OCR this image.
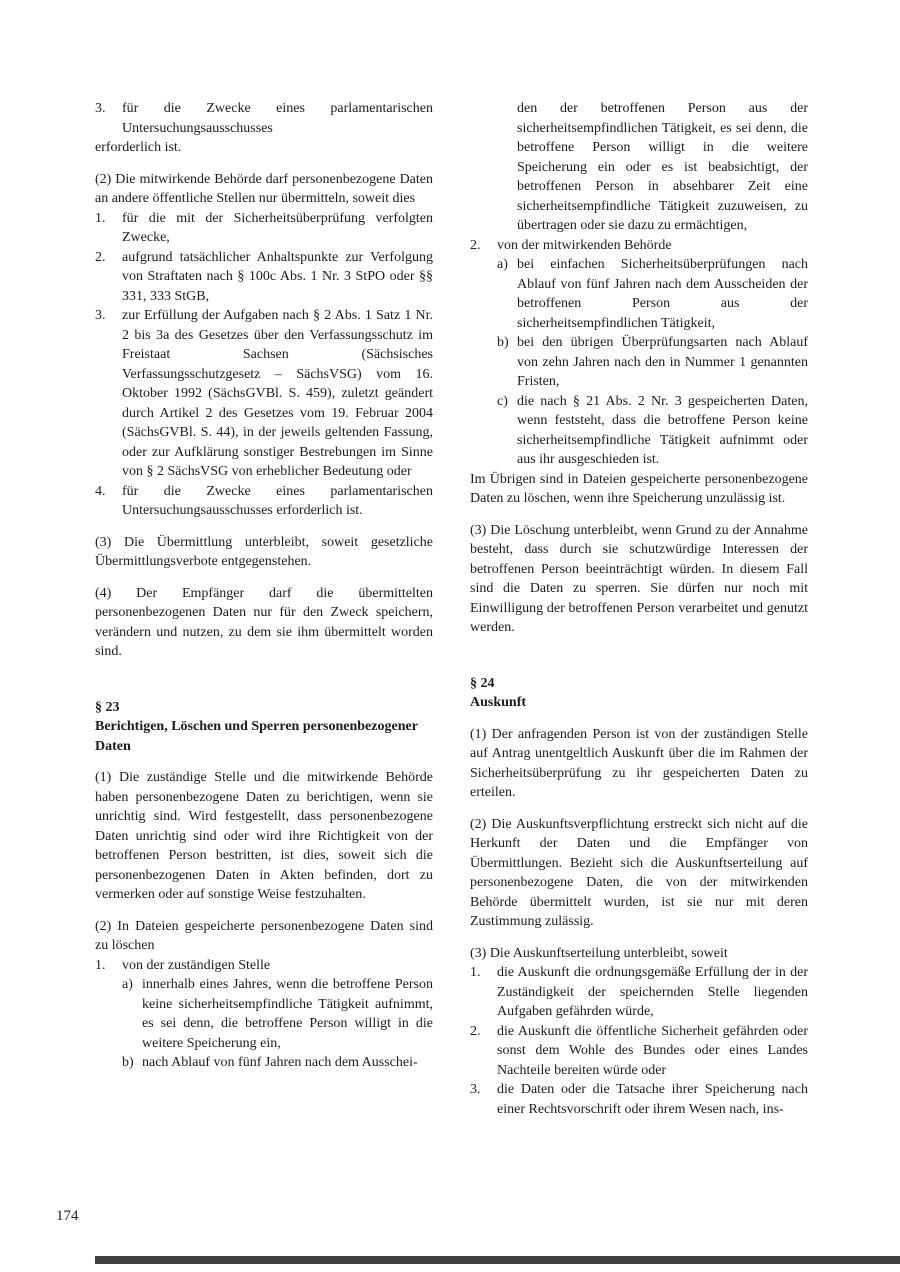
3. für die Zwecke eines parlamentarischen Untersuchungsausschusses
erforderlich ist.
(2) Die mitwirkende Behörde darf personenbezogene Daten an andere öffentliche Stellen nur übermitteln, soweit dies
1. für die mit der Sicherheitsüberprüfung verfolgten Zwecke,
2. aufgrund tatsächlicher Anhaltspunkte zur Verfolgung von Straftaten nach § 100c Abs. 1 Nr. 3 StPO oder §§ 331, 333 StGB,
3. zur Erfüllung der Aufgaben nach § 2 Abs. 1 Satz 1 Nr. 2 bis 3a des Gesetzes über den Verfassungsschutz im Freistaat Sachsen (Sächsisches Verfassungsschutzgesetz – SächsVSG) vom 16. Oktober 1992 (SächsGVBl. S. 459), zuletzt geändert durch Artikel 2 des Gesetzes vom 19. Februar 2004 (SächsGVBl. S. 44), in der jeweils geltenden Fassung, oder zur Aufklärung sonstiger Bestrebungen im Sinne von § 2 SächsVSG von erheblicher Bedeutung oder
4. für die Zwecke eines parlamentarischen Untersuchungsausschusses erforderlich ist.
(3) Die Übermittlung unterbleibt, soweit gesetzliche Übermittlungsverbote entgegenstehen.
(4) Der Empfänger darf die übermittelten personenbezogenen Daten nur für den Zweck speichern, verändern und nutzen, zu dem sie ihm übermittelt worden sind.
§ 23
Berichtigen, Löschen und Sperren personenbezogener Daten
(1) Die zuständige Stelle und die mitwirkende Behörde haben personenbezogene Daten zu berichtigen, wenn sie unrichtig sind. Wird festgestellt, dass personenbezogene Daten unrichtig sind oder wird ihre Richtigkeit von der betroffenen Person bestritten, ist dies, soweit sich die personenbezogenen Daten in Akten befinden, dort zu vermerken oder auf sonstige Weise festzuhalten.
(2) In Dateien gespeicherte personenbezogene Daten sind zu löschen
1. von der zuständigen Stelle
a) innerhalb eines Jahres, wenn die betroffene Person keine sicherheitsempfindliche Tätigkeit aufnimmt, es sei denn, die betroffene Person willigt in die weitere Speicherung ein,
b) nach Ablauf von fünf Jahren nach dem Ausschei-
den der betroffenen Person aus der sicherheitsempfindlichen Tätigkeit, es sei denn, die betroffene Person willigt in die weitere Speicherung ein oder es ist beabsichtigt, der betroffenen Person in absehbarer Zeit eine sicherheitsempfindliche Tätigkeit zuzuweisen, zu übertragen oder sie dazu zu ermächtigen,
2. von der mitwirkenden Behörde
a) bei einfachen Sicherheitsüberprüfungen nach Ablauf von fünf Jahren nach dem Ausscheiden der betroffenen Person aus der sicherheitsempfindlichen Tätigkeit,
b) bei den übrigen Überprüfungsarten nach Ablauf von zehn Jahren nach den in Nummer 1 genannten Fristen,
c) die nach § 21 Abs. 2 Nr. 3 gespeicherten Daten, wenn feststeht, dass die betroffene Person keine sicherheitsempfindliche Tätigkeit aufnimmt oder aus ihr ausgeschieden ist.
Im Übrigen sind in Dateien gespeicherte personenbezogene Daten zu löschen, wenn ihre Speicherung unzulässig ist.
(3) Die Löschung unterbleibt, wenn Grund zu der Annahme besteht, dass durch sie schutzwürdige Interessen der betroffenen Person beeinträchtigt würden. In diesem Fall sind die Daten zu sperren. Sie dürfen nur noch mit Einwilligung der betroffenen Person verarbeitet und genutzt werden.
§ 24
Auskunft
(1) Der anfragenden Person ist von der zuständigen Stelle auf Antrag unentgeltlich Auskunft über die im Rahmen der Sicherheitsüberprüfung zu ihr gespeicherten Daten zu erteilen.
(2) Die Auskunftsverpflichtung erstreckt sich nicht auf die Herkunft der Daten und die Empfänger von Übermittlungen. Bezieht sich die Auskunftserteilung auf personenbezogene Daten, die von der mitwirkenden Behörde übermittelt wurden, ist sie nur mit deren Zustimmung zulässig.
(3) Die Auskunftserteilung unterbleibt, soweit
1. die Auskunft die ordnungsgemäße Erfüllung der in der Zuständigkeit der speichernden Stelle liegenden Aufgaben gefährden würde,
2. die Auskunft die öffentliche Sicherheit gefährden oder sonst dem Wohle des Bundes oder eines Landes Nachteile bereiten würde oder
3. die Daten oder die Tatsache ihrer Speicherung nach einer Rechtsvorschrift oder ihrem Wesen nach, ins-
174
